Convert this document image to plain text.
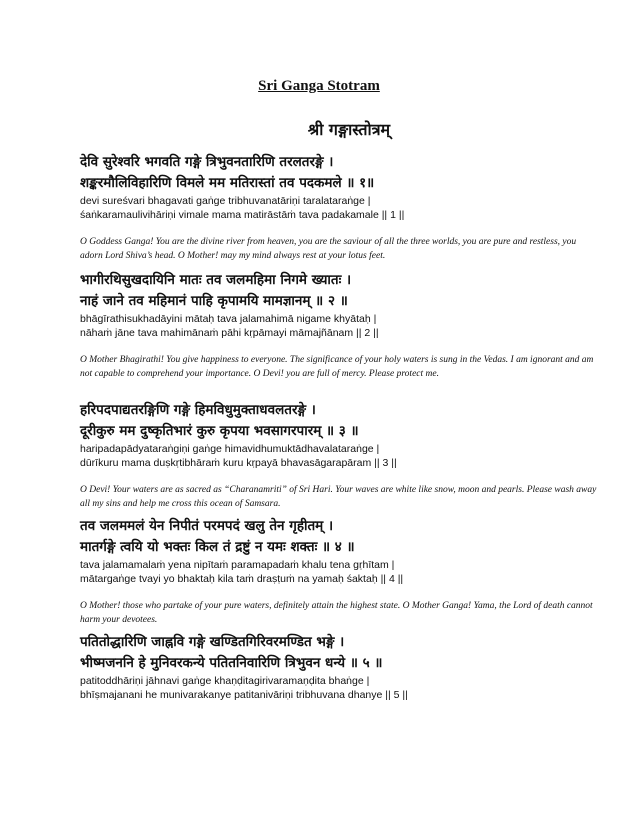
Sri Ganga Stotram
श्री गङ्गास्तोत्रम्
देवि सुरेश्वरि भगवति गङ्गे त्रिभुवनतारिणि तरलतरङ्गे ।
शङ्करमौलिविहारिणि विमले मम मतिरास्तां तव पदकमले ॥ १॥
devi sureśvari bhagavati gaṅge tribhuvanatāriṇi taralataraṅge |
śaṅkaramaulivihāriṇi vimale mama matirāstāṁ tava padakamale || 1 ||
O Goddess Ganga! You are the divine river from heaven, you are the saviour of all the three worlds, you are pure and restless, you adorn Lord Shiva’s head. O Mother! may my mind always rest at your lotus feet.
भागीरथिसुखदायिनि मातः तव जलमहिमा निगमे ख्यातः ।
नाहं जाने तव महिमानं पाहि कृपामयि मामज्ञानम् ॥ २ ॥
bhāgīrathisukhadāyini mātaḥ tava jalamahimā nigame khyātaḥ |
nāhaṁ jāne tava mahimānaṁ pāhi kṛpāmayi māmajñānam || 2 ||
O Mother Bhagirathi! You give happiness to everyone. The significance of your holy waters is sung in the Vedas. I am ignorant and am not capable to comprehend your importance. O Devi! you are full of mercy. Please protect me.
हरिपदपाद्यतरङ्गिणि गङ्गे हिमविधुमुक्ताधवलतरङ्गे ।
दूरीकुरु मम दुष्कृतिभारं कुरु कृपया भवसागरपारम् ॥ ३ ॥
haripadapādyataraṅgiṇi gaṅge himavidhumuktādhavalataraṅge |
dūrīkuru mama duṣkṛtibhāraṁ kuru kṛpayā bhavasāgarapāram || 3 ||
O Devi! Your waters are as sacred as “Charanamriti” of Sri Hari. Your waves are white like snow, moon and pearls. Please wash away all my sins and help me cross this ocean of Samsara.
तव जलममलं येन निपीतं परमपदं खलु तेन गृहीतम् ।
मातर्गङ्गे त्वयि यो भक्तः किल तं द्रष्टुं न यमः शक्तः ॥ ४ ॥
tava jalamamalaṁ yena nipītaṁ paramapadaṁ khalu tena gṛhītam |
mātargaṅge tvayi yo bhaktaḥ kila taṁ draṣṭuṁ na yamaḥ śaktaḥ || 4 ||
O Mother! those who partake of your pure waters, definitely attain the highest state. O Mother Ganga! Yama, the Lord of death cannot harm your devotees.
पतितोद्धारिणि जाह्नवि गङ्गे खण्डितगिरिवरमण्डित भङ्गे ।
भीष्मजननि हे मुनिवरकन्ये पतितनिवारिणि त्रिभुवन धन्ये ॥ ५ ॥
patitoddhāriṇi jāhnavi gaṅge khaṇḍitagirivaramaṇḍita bhaṅge |
bhīṣmajanani he munivarakanye patitanivāriṇi tribhuvana dhanye || 5 ||
